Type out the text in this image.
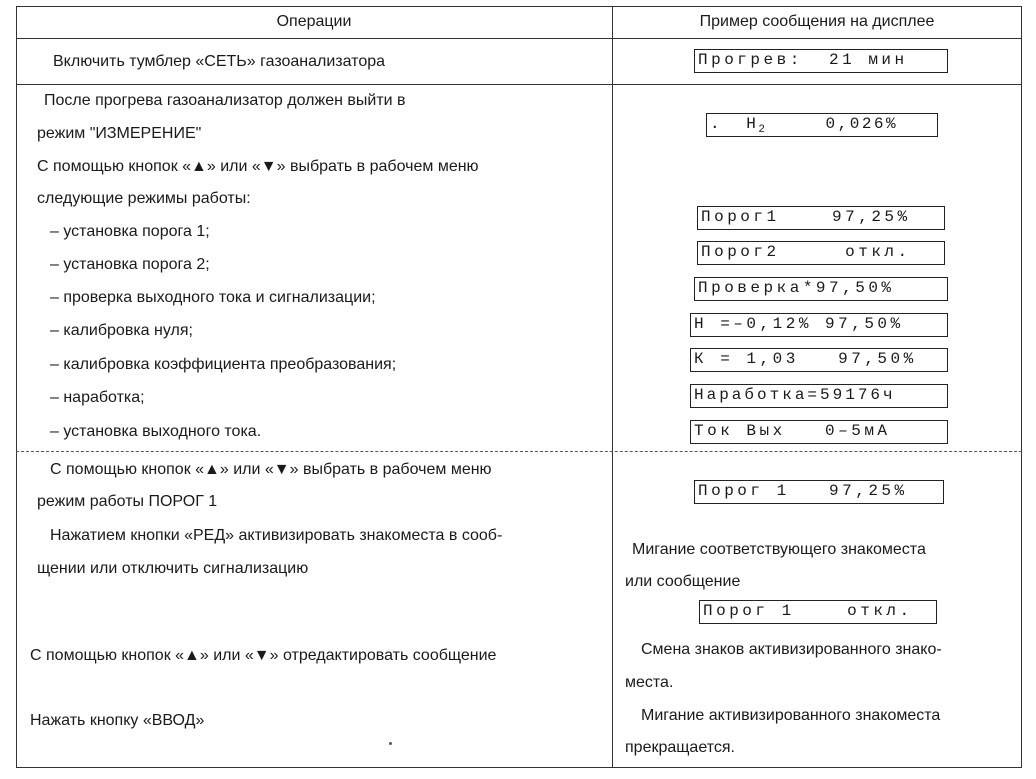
Операции	Пример сообщения на дисплее
Включить тумблер «СЕТЬ» газоанализатора	Прогрев:  21 мин
После прогрева газоанализатор должен выйти в
режим "ИЗМЕРЕНИЕ"
С помощью кнопок «▲» или «▼» выбрать в рабочем меню
следующие режимы работы:
– установка порога 1;
– установка порога 2;
– проверка выходного тока и сигнализации;
– калибровка нуля;
– калибровка коэффициента преобразования;
– наработка;
– установка выходного тока.
.  $H_2$     0,026%
Порог1    97,25%
Порог2     откл.
Проверка*97,50%
Н =–0,12% 97,50%
К = 1,03   97,50%
Наработка=59176ч
Ток Вых   0–5мА
С помощью кнопок «▲» или «▼» выбрать в рабочем меню
режим работы ПОРОГ 1
Нажатием кнопки «РЕД» активизировать знакоместа в сооб-
щении или отключить сигнализацию
С помощью кнопок «▲» или «▼» отредактировать сообщение
Нажать кнопку «ВВОД»
Порог 1   97,25%
Мигание соответствующего знакоместа
или сообщение
Порог 1    откл.
Смена знаков активизированного знако-
места.
Мигание активизированного знакоместа
прекращается.
